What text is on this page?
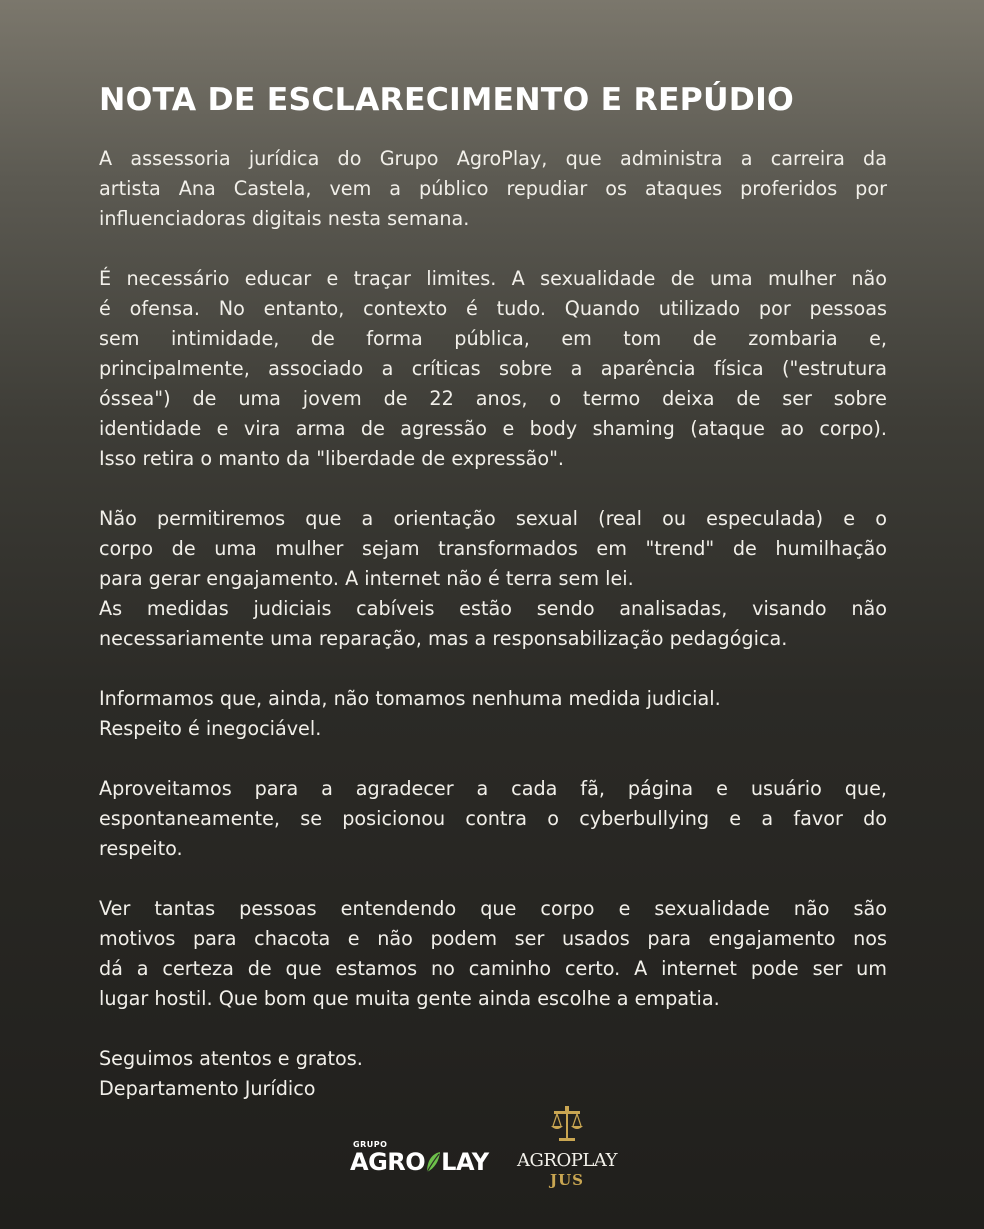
NOTA DE ESCLARECIMENTO E REPÚDIO

A assessoria jurídica do Grupo AgroPlay, que administra a carreira da
artista Ana Castela, vem a público repudiar os ataques proferidos por
influenciadoras digitais nesta semana.

É necessário educar e traçar limites. A sexualidade de uma mulher não
é ofensa. No entanto, contexto é tudo. Quando utilizado por pessoas
sem intimidade, de forma pública, em tom de zombaria e,
principalmente, associado a críticas sobre a aparência física ("estrutura
óssea") de uma jovem de 22 anos, o termo deixa de ser sobre
identidade e vira arma de agressão e body shaming (ataque ao corpo).
Isso retira o manto da "liberdade de expressão".

Não permitiremos que a orientação sexual (real ou especulada) e o
corpo de uma mulher sejam transformados em "trend" de humilhação
para gerar engajamento. A internet não é terra sem lei.
As medidas judiciais cabíveis estão sendo analisadas, visando não
necessariamente uma reparação, mas a responsabilização pedagógica.

Informamos que, ainda, não tomamos nenhuma medida judicial.
Respeito é inegociável.

Aproveitamos para a agradecer a cada fã, página e usuário que,
espontaneamente, se posicionou contra o cyberbullying e a favor do
respeito.

Ver tantas pessoas entendendo que corpo e sexualidade não são
motivos para chacota e não podem ser usados para engajamento nos
dá a certeza de que estamos no caminho certo. A internet pode ser um
lugar hostil. Que bom que muita gente ainda escolhe a empatia.

Seguimos atentos e gratos.
Departamento Jurídico
GRUPO
AGRO LAY AGROPLAY
JUS
